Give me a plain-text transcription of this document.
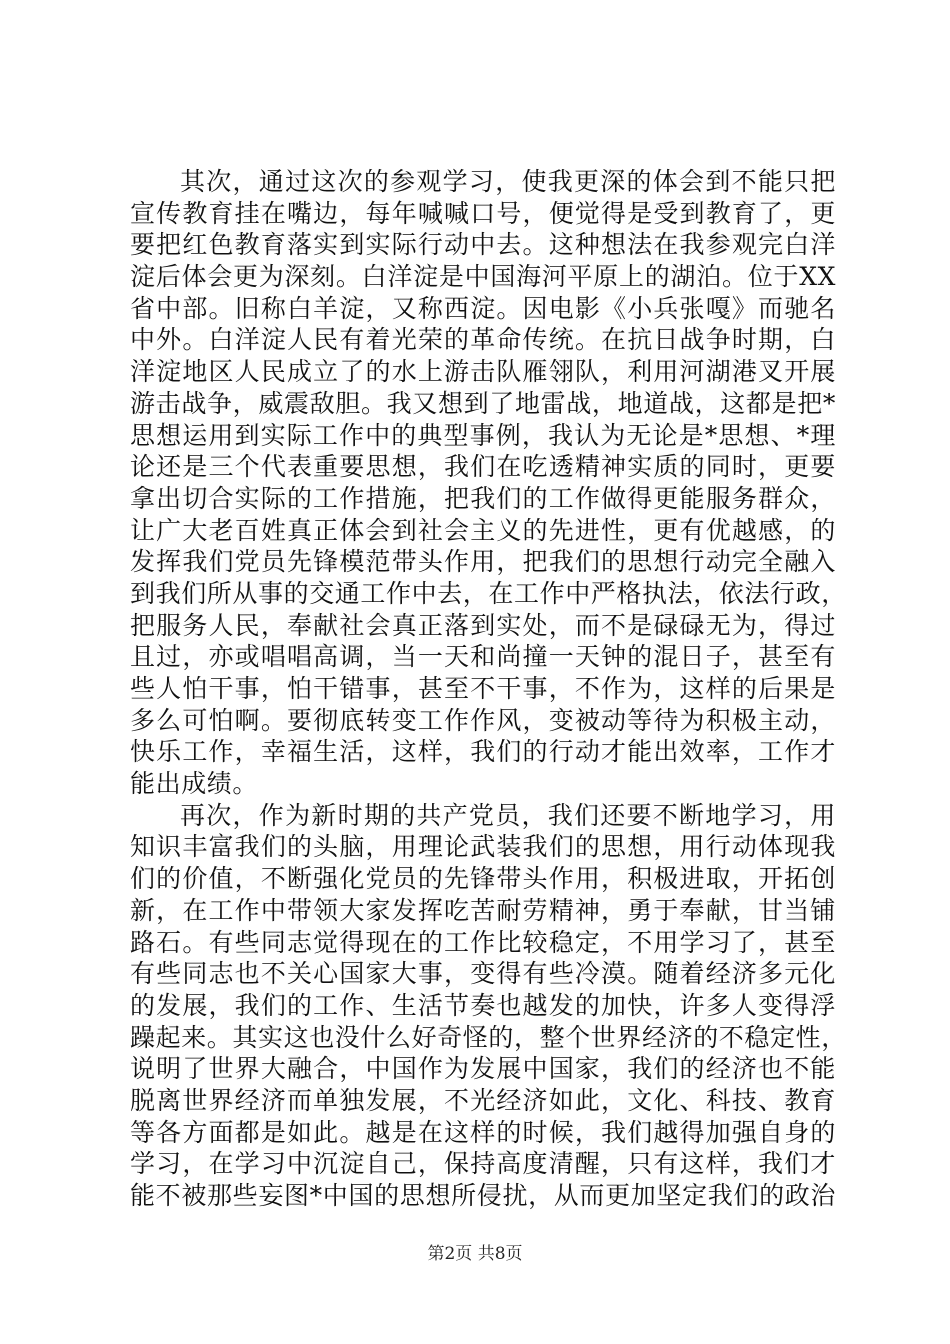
其次，通过这次的参观学习，使我更深的体会到不能只把
宣传教育挂在嘴边，每年喊喊口号，便觉得是受到教育了，更
要把红色教育落实到实际行动中去。这种想法在我参观完白洋
淀后体会更为深刻。白洋淀是中国海河平原上的湖泊。位于XX
省中部。旧称白羊淀，又称西淀。因电影《小兵张嘎》而驰名
中外。白洋淀人民有着光荣的革命传统。在抗日战争时期，白
洋淀地区人民成立了的水上游击队雁翎队，利用河湖港叉开展
游击战争，威震敌胆。我又想到了地雷战，地道战，这都是把*
思想运用到实际工作中的典型事例，我认为无论是*思想、*理
论还是三个代表重要思想，我们在吃透精神实质的同时，更要
拿出切合实际的工作措施，把我们的工作做得更能服务群众，
让广大老百姓真正体会到社会主义的先进性，更有优越感，的
发挥我们党员先锋模范带头作用，把我们的思想行动完全融入
到我们所从事的交通工作中去，在工作中严格执法，依法行政，
把服务人民，奉献社会真正落到实处，而不是碌碌无为，得过
且过，亦或唱唱高调，当一天和尚撞一天钟的混日子，甚至有
些人怕干事，怕干错事，甚至不干事，不作为，这样的后果是
多么可怕啊。要彻底转变工作作风，变被动等待为积极主动，
快乐工作，幸福生活，这样，我们的行动才能出效率，工作才
能出成绩。
再次，作为新时期的共产党员，我们还要不断地学习，用
知识丰富我们的头脑，用理论武装我们的思想，用行动体现我
们的价值，不断强化党员的先锋带头作用，积极进取，开拓创
新，在工作中带领大家发挥吃苦耐劳精神，勇于奉献，甘当铺
路石。有些同志觉得现在的工作比较稳定，不用学习了，甚至
有些同志也不关心国家大事，变得有些冷漠。随着经济多元化
的发展，我们的工作、生活节奏也越发的加快，许多人变得浮
躁起来。其实这也没什么好奇怪的，整个世界经济的不稳定性，
说明了世界大融合，中国作为发展中国家，我们的经济也不能
脱离世界经济而单独发展，不光经济如此，文化、科技、教育
等各方面都是如此。越是在这样的时候，我们越得加强自身的
学习，在学习中沉淀自己，保持高度清醒，只有这样，我们才
能不被那些妄图*中国的思想所侵扰，从而更加坚定我们的政治
第2页 共8页
